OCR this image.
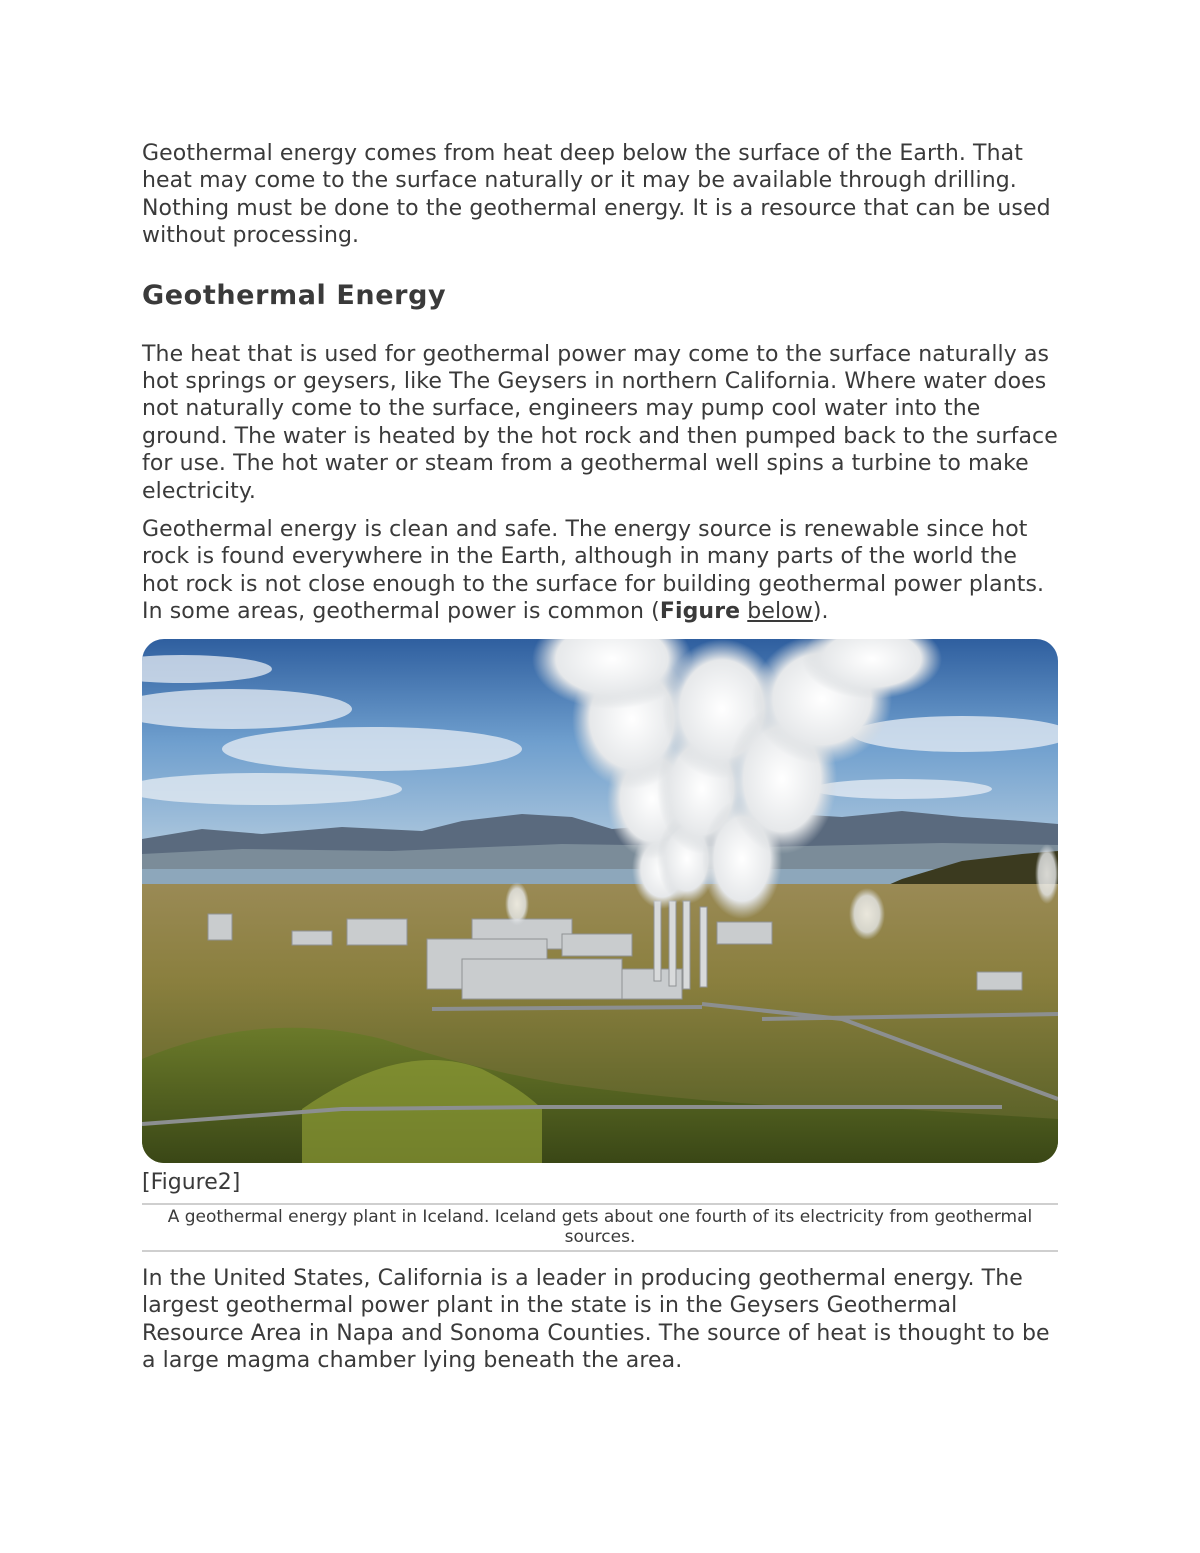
Geothermal energy comes from heat deep below the surface of the Earth. That heat may come to the surface naturally or it may be available through drilling. Nothing must be done to the geothermal energy. It is a resource that can be used without processing.

Geothermal Energy

The heat that is used for geothermal power may come to the surface naturally as hot springs or geysers, like The Geysers in northern California. Where water does not naturally come to the surface, engineers may pump cool water into the ground. The water is heated by the hot rock and then pumped back to the surface for use. The hot water or steam from a geothermal well spins a turbine to make electricity.

Geothermal energy is clean and safe. The energy source is renewable since hot rock is found everywhere in the Earth, although in many parts of the world the hot rock is not close enough to the surface for building geothermal power plants. In some areas, geothermal power is common (Figure below).

[Figure2]
A geothermal energy plant in Iceland. Iceland gets about one fourth of its electricity from geothermal sources.

In the United States, California is a leader in producing geothermal energy. The largest geothermal power plant in the state is in the Geysers Geothermal Resource Area in Napa and Sonoma Counties. The source of heat is thought to be a large magma chamber lying beneath the area.
